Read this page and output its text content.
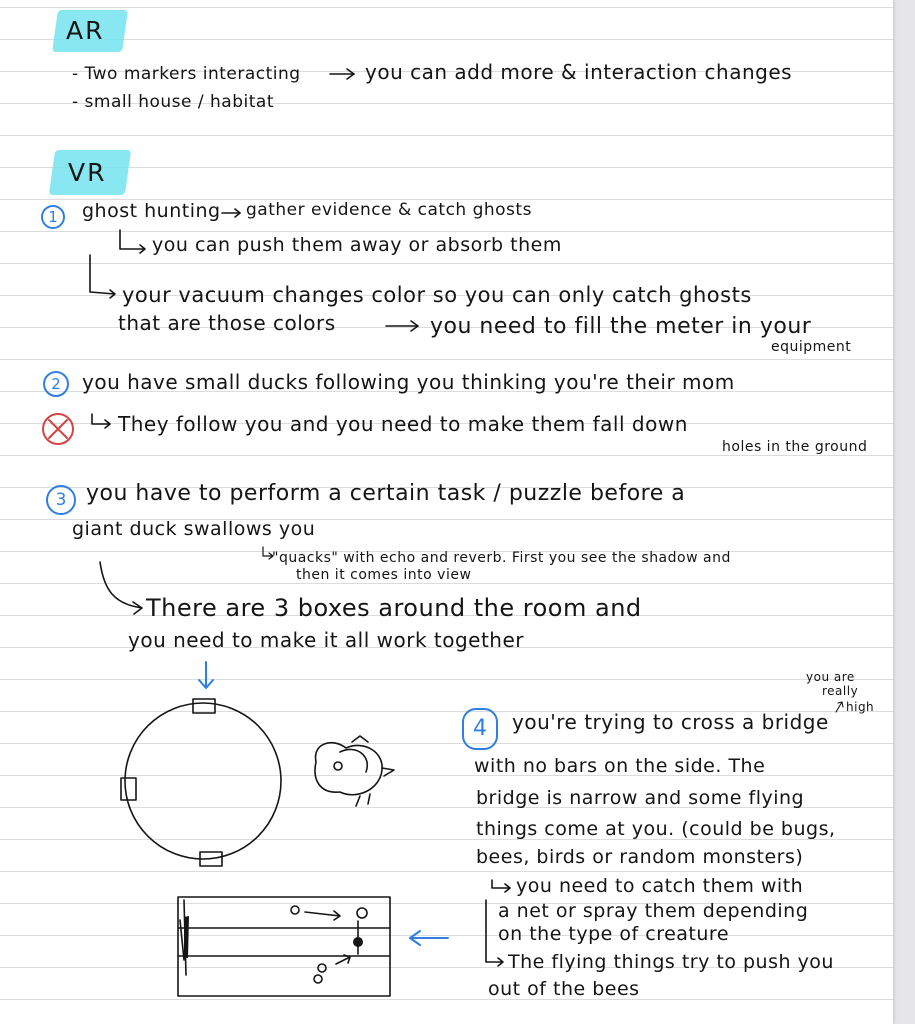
AR
- Two markers interacting	you can add more & interaction changes
- small house / habitat
VR
1	ghost hunting gather evidence & catch ghosts
you can push them away or absorb them
your vacuum changes color so you can only catch ghosts
that are those colors	you need to fill the meter in your
equipment
2	you have small ducks following you thinking you're their mom
They follow you and you need to make them fall down
holes in the ground
3 you have to perform a certain task / puzzle before a
giant duck swallows you
"quacks" with echo and reverb. First you see the shadow and
then it comes into view
There are 3 boxes around the room and
you need to make it all work together
you are
really
high
4	you're trying to cross a bridge
with no bars on the side. The
bridge is narrow and some flying
things come at you. (could be bugs,
bees, birds or random monsters)
you need to catch them with
a net or spray them depending
on the type of creature
The flying things try to push you
out of the bees
